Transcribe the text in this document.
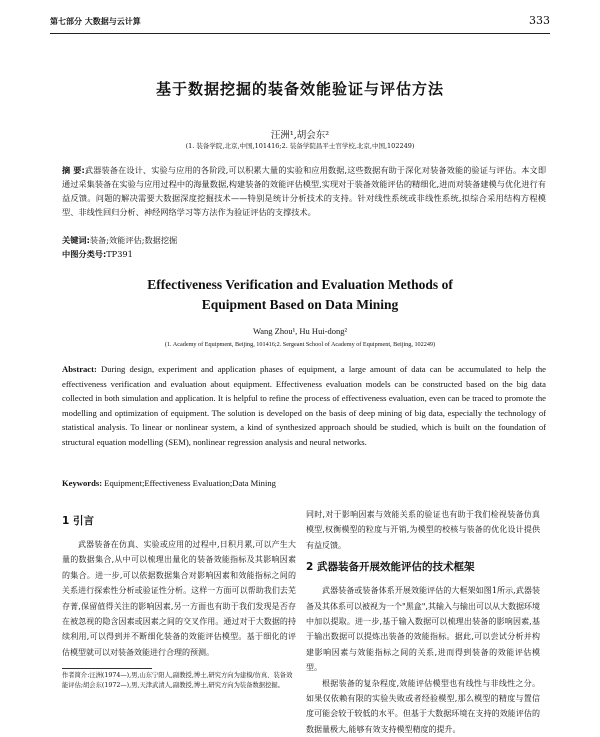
第七部分 大数据与云计算	333
基于数据挖掘的装备效能验证与评估方法
汪洲¹,胡会东²
(1. 装备学院,北京,中国,101416;2. 装备学院昌平士官学校,北京,中国,102249)
摘 要:武器装备在设计、实验与应用的各阶段,可以积累大量的实验和应用数据,这些数据有助于深化对装备效能的验证与评估。本文即通过采集装备在实验与应用过程中的海量数据,构建装备的效能评估模型,实现对于装备效能评估的精细化,进而对装备建模与优化进行有益反馈。问题的解决需要大数据深度挖掘技术——特别是统计分析技术的支持。针对线性系统或非线性系统,拟综合采用结构方程模型、非线性回归分析、神经网络学习等方法作为验证评估的支撑技术。
关键词:装备;效能评估;数据挖掘
中图分类号:TP391
Effectiveness Verification and Evaluation Methods of
Equipment Based on Data Mining
Wang Zhou¹, Hu Hui-dong²
(1. Academy of Equipment, Beijing, 101416;2. Sergeant School of Academy of Equipment, Beijing, 102249)
Abstract: During design, experiment and application phases of equipment, a large amount of data can be accumulated to help the effectiveness verification and evaluation about equipment. Effectiveness evaluation models can be constructed based on the big data collected in both simulation and application. It is helpful to refine the process of effectiveness evaluation, even can be traced to promote the modelling and optimization of equipment. The solution is developed on the basis of deep mining of big data, especially the technology of statistical analysis. To linear or nonlinear system, a kind of synthesized approach should be studied, which is built on the foundation of structural equation modelling (SEM), nonlinear regression analysis and neural networks.
Keywords: Equipment;Effectiveness Evaluation;Data Mining
1 引言

武器装备在仿真、实验或应用的过程中,日积月累,可以产生大量的数据集合,从中可以梳理出量化的装备效能指标及其影响因素的集合。进一步,可以依据数据集合对影响因素和效能指标之间的关系进行探索性分析或验证性分析。这样一方面可以帮助我们去芜存菁,保留值得关注的影响因素,另一方面也有助于我们发现是否存在被忽视的隐含因素或因素之间的交叉作用。通过对于大数据的持续利用,可以得到并不断细化装备的效能评估模型。基于细化的评估模型就可以对装备效能进行合理的预测。

同时,对于影响因素与效能关系的验证也有助于我们检视装备仿真模型,权衡模型的粒度与开销,为模型的校核与装备的优化设计提供有益反馈。

2 武器装备开展效能评估的技术框架

武器装备或装备体系开展效能评估的大框架如图1所示,武器装备及其体系可以被视为一个"黑盒",其输入与输出可以从大数据环境中加以提取。进一步,基于输入数据可以梳理出装备的影响因素,基于输出数据可以提炼出装备的效能指标。据此,可以尝试分析并构建影响因素与效能指标之间的关系,进而得到装备的效能评估模型。

根据装备的复杂程度,效能评估模型也有线性与非线性之分。如果仅依赖有限的实验失败或者经验模型,那么模型的精度与置信度可能会较于较低的水平。但基于大数据环境在支持的效能评估的数据量极大,能够有效支持模型精度的提升。

作者简介:汪洲(1974—),男,山东宁阳人,副教授,博士,研究方向为建模/仿真、装备效能评估;胡会东(1972—),男,天津武清人,副教授,博士,研究方向为装备数据挖掘。
